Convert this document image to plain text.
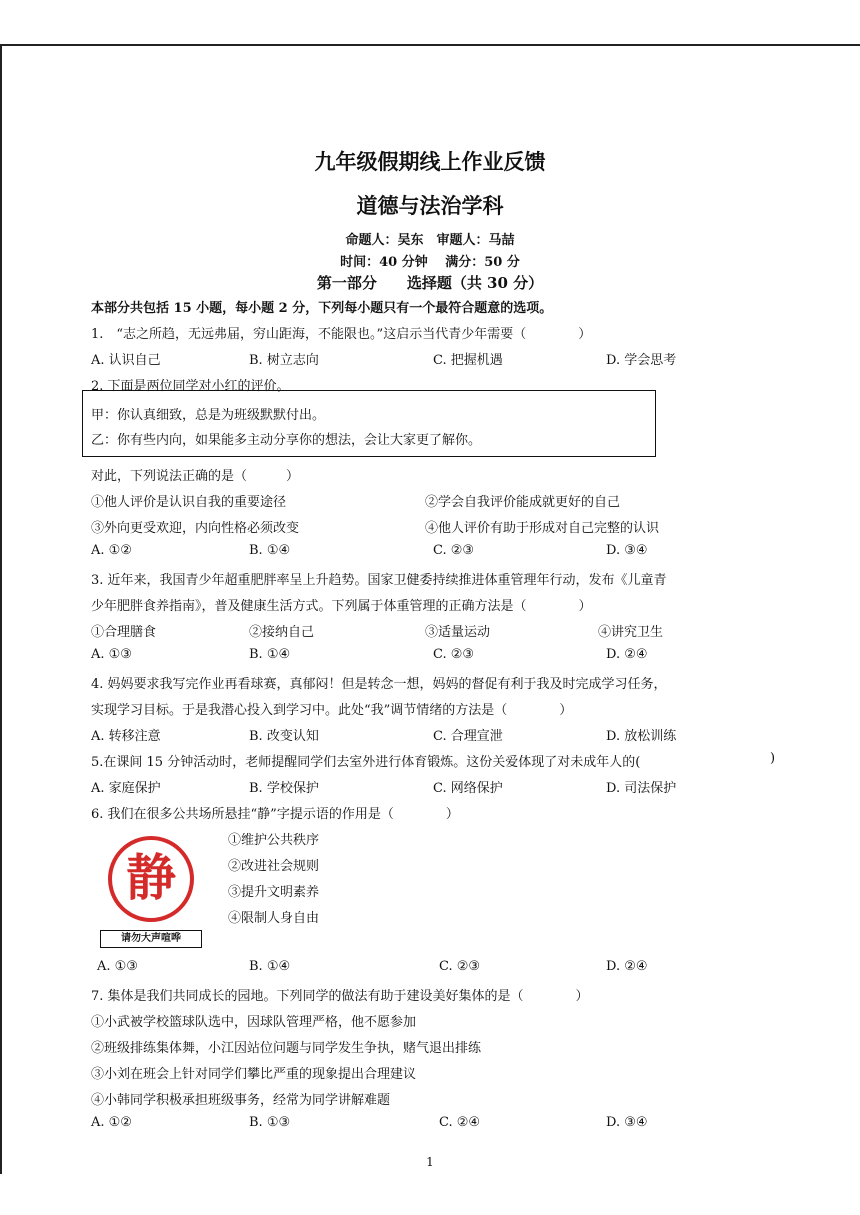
九年级假期线上作业反馈
道德与法治学科
命题人：吴东　审题人：马喆
时间：40 分钟　 满分：50 分
第一部分　　选择题（共 30 分）
本部分共包括 15 小题，每小题 2 分，下列每小题只有一个最符合题意的选项。
1.　“志之所趋，无远弗届，穷山距海，不能限也。”这启示当代青少年需要（　　　　）
A. 认识自己	B. 树立志向	C. 把握机遇	D. 学会思考
2. 下面是两位同学对小红的评价。
甲：你认真细致，总是为班级默默付出。
乙：你有些内向，如果能多主动分享你的想法，会让大家更了解你。
对此，下列说法正确的是（　　　）
①他人评价是认识自我的重要途径	②学会自我评价能成就更好的自己
③外向更受欢迎，内向性格必须改变	④他人评价有助于形成对自己完整的认识
A. ①②	B. ①④	C. ②③	D. ③④
3. 近年来，我国青少年超重肥胖率呈上升趋势。国家卫健委持续推进体重管理年行动，发布《儿童青
少年肥胖食养指南》，普及健康生活方式。下列属于体重管理的正确方法是（　　　　）
①合理膳食	②接纳自己	③适量运动	④讲究卫生
A. ①③	B. ①④	C. ②③	D. ②④
4. 妈妈要求我写完作业再看球赛，真郁闷！但是转念一想，妈妈的督促有利于我及时完成学习任务，
实现学习目标。于是我潜心投入到学习中。此处“我”调节情绪的方法是（　　　　）
A. 转移注意	B. 改变认知	C. 合理宣泄	D. 放松训练
5.在课间 15 分钟活动时，老师提醒同学们去室外进行体育锻炼。这份关爱体现了对未成年人的(	)
A. 家庭保护	B. 学校保护	C. 网络保护	D. 司法保护
6. 我们在很多公共场所悬挂“静”字提示语的作用是（　　　　）
静
请勿大声喧哗
①维护公共秩序
②改进社会规则
③提升文明素养
④限制人身自由
A. ①③	B. ①④	C. ②③	D. ②④
7. 集体是我们共同成长的园地。下列同学的做法有助于建设美好集体的是（　　　　）
①小武被学校篮球队选中，因球队管理严格，他不愿参加
②班级排练集体舞，小江因站位问题与同学发生争执，赌气退出排练
③小刘在班会上针对同学们攀比严重的现象提出合理建议
④小韩同学积极承担班级事务，经常为同学讲解难题
A. ①②	B. ①③	C. ②④	D. ③④
1
